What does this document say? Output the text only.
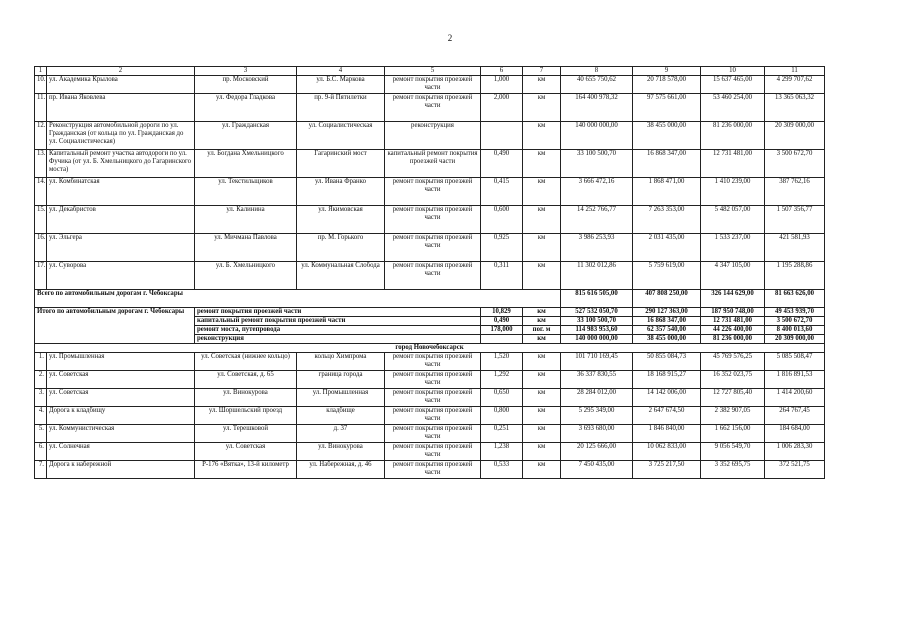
2
1	2	3	4	5	6	7	8	9	10	11
10.	ул. Академика Крылова	пр. Московский	ул. Б.С. Маркова	ремонт покрытия проезжей части	1,000	км	40 655 750,62	20 718 578,00	15 637 465,00	4 299 707,62
11.	пр. Ивана Яковлева	ул. Федора Гладкова	пр. 9-й Пятилетки	ремонт покрытия проезжей части	2,000	км	164 400 978,32	97 575 661,00	53 460 254,00	13 365 063,32
12.	Реконструкция автомобильной дороги по ул. Гражданская (от кольца по ул. Гражданская до ул. Социалистическая)	ул. Гражданская	ул. Социалистическая	реконструкция		км	140 000 000,00	38 455 000,00	81 236 000,00	20 309 000,00
13.	Капитальный ремонт участка автодороги по ул. Фучика (от ул. Б. Хмельницкого до Гагаринского моста)	ул. Богдана Хмельницкого	Гагаринский мост	капитальный ремонт покрытия проезжей части	0,490	км	33 100 500,70	16 868 347,00	12 731 481,00	3 500 672,70
14.	ул. Комбинатская	ул. Текстильщиков	ул. Ивана Франко	ремонт покрытия проезжей части	0,415	км	3 666 472,16	1 868 471,00	1 410 239,00	387 762,16
15.	ул. Декабристов	ул. Калинина	ул. Якимовская	ремонт покрытия проезжей части	0,600	км	14 252 766,77	7 263 353,00	5 482 057,00	1 507 356,77
16.	ул. Эльгера	ул. Мичмана Павлова	пр. М. Горького	ремонт покрытия проезжей части	0,925	км	3 986 253,93	2 031 435,00	1 533 237,00	421 581,93
17.	ул. Суворова	ул. Б. Хмельницкого	ул. Коммунальная Слобода	ремонт покрытия проезжей части	0,311	км	11 302 012,86	5 759 619,00	4 347 105,00	1 195 288,86
Всего по автомобильным дорогам г. Чебоксары							815 616 505,00	407 808 250,00	326 144 629,00	81 663 626,00
Итого по автомобильным дорогам г. Чебоксары		ремонт покрытия проезжей части			10,829	км	527 532 050,70	290 127 363,00	187 950 748,00	49 453 939,70
		капитальный ремонт покрытия проезжей части			0,490	км	33 100 500,70	16 868 347,00	12 731 481,00	3 500 672,70
		ремонт моста, путепровода			178,000	пог. м	114 983 953,60	62 357 540,00	44 226 400,00	8 400 013,60
		реконструкция				км	140 000 000,00	38 455 000,00	81 236 000,00	20 309 000,00
город Новочебоксарск										
1.	ул. Промышленная	ул. Советская (нижнее кольцо)	кольцо Химпрома	ремонт покрытия проезжей части	1,520	км	101 710 169,45	50 855 084,73	45 769 576,25	5 085 508,47
2.	ул. Советская	ул. Советская, д. 65	граница города	ремонт покрытия проезжей части	1,292	км	36 337 830,55	18 168 915,27	16 352 023,75	1 816 891,53
3.	ул. Советская	ул. Винокурова	ул. Промышленная	ремонт покрытия проезжей части	0,650	км	28 284 012,00	14 142 006,00	12 727 805,40	1 414 200,60
4.	Дорога к кладбищу	ул. Шоршельский проезд	кладбище	ремонт покрытия проезжей части	0,800	км	5 295 349,00	2 647 674,50	2 382 907,05	264 767,45
5.	ул. Коммунистическая	ул. Терешковой	д. 37	ремонт покрытия проезжей части	0,251	км	3 693 680,00	1 846 840,00	1 662 156,00	184 684,00
6.	ул. Солнечная	ул. Советская	ул. Винокурова	ремонт покрытия проезжей части	1,238	км	20 125 666,00	10 062 833,00	9 056 549,70	1 006 283,30
7.	Дорога к набережной	Р-176 «Вятка», 13-й километр	ул. Набережная, д. 46	ремонт покрытия проезжей части	0,533	км	7 450 435,00	3 725 217,50	3 352 695,75	372 521,75
